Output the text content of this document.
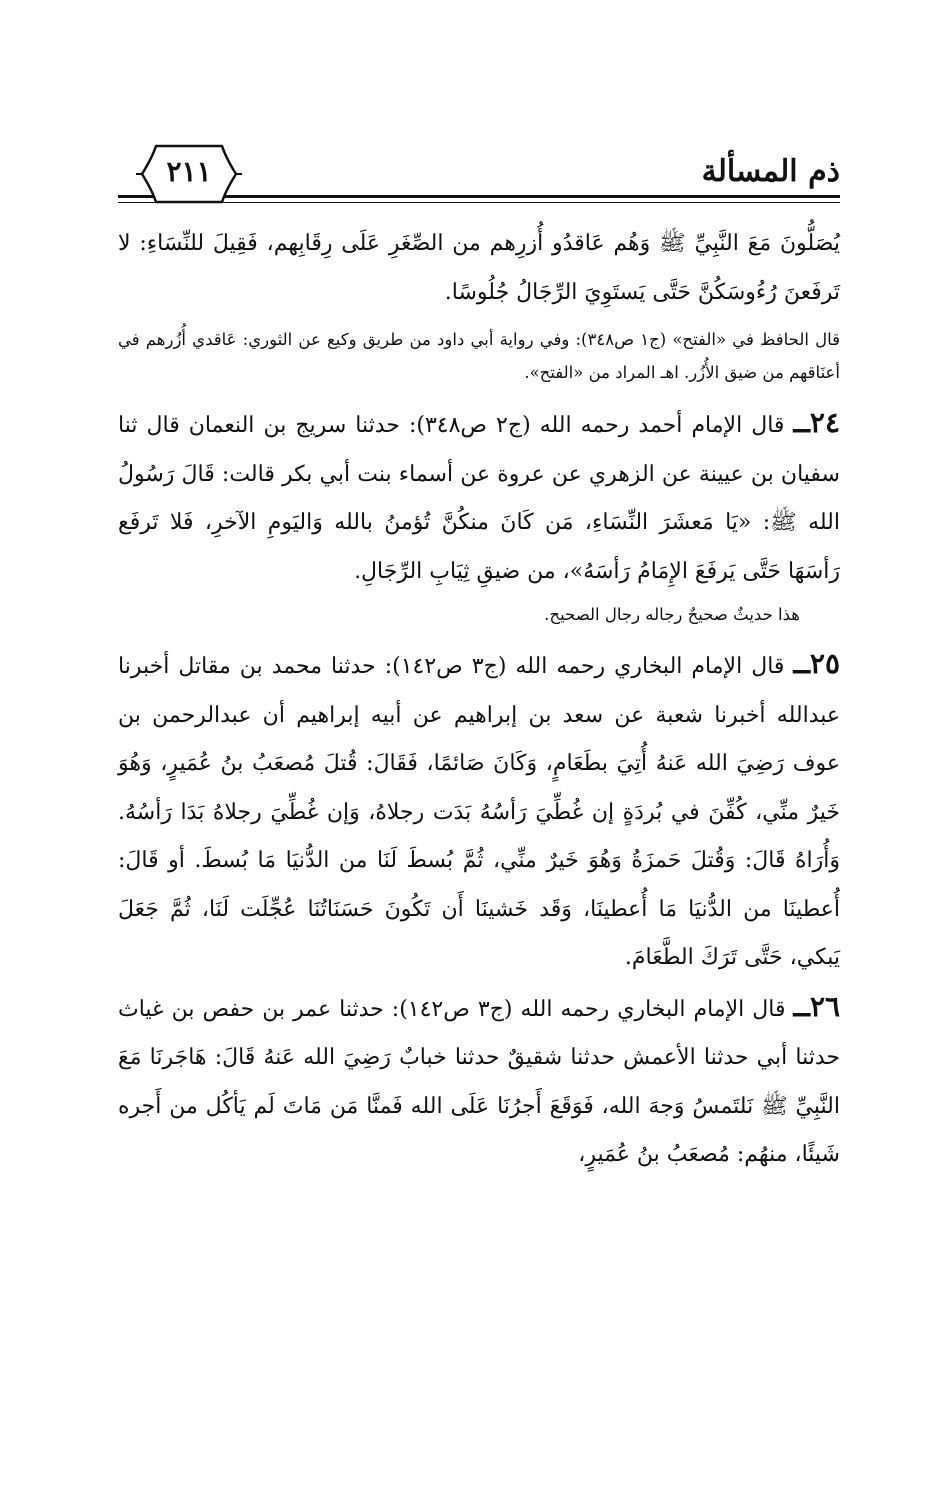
ذم المسألة
٢١١

يُصَلُّونَ مَعَ النَّبِيِّ ﷺ وَهُم عَاقدُو أُزرِهم من الصِّغَرِ عَلَى رِقَابِهم، فَقِيلَ للنِّسَاءِ: لا تَرفَعنَ رُءُوسَكُنَّ حَتَّى يَستَوِيَ الرِّجَالُ جُلُوسًا.

قال الحافظ في «الفتح» (ج١ ص٣٤٨): وفي رواية أبي داود من طريق وكيع عن الثوري: عَاقدي أُزُرهم في أعنَاقهم من ضيق الأُزُر. اهـ المراد من «الفتح».

٢٤ــ قال الإمام أحمد رحمه الله (ج٢ ص٣٤٨): حدثنا سريج بن النعمان قال ثنا سفيان بن عيينة عن الزهري عن عروة عن أسماء بنت أبي بكر قالت: قَالَ رَسُولُ الله ﷺ: «يَا مَعشَرَ النِّسَاءِ، مَن كَانَ منكُنَّ تُؤمنُ بالله وَاليَومِ الآخرِ، فَلا تَرفَع رَأسَهَا حَتَّى يَرفَعَ الإِمَامُ رَأسَهُ»، من ضيقِ ثِيَابِ الرِّجَالِ.

هذا حديثٌ صحيحٌ رجاله رجال الصحيح.

٢٥ــ قال الإمام البخاري رحمه الله (ج٣ ص١٤٢): حدثنا محمد بن مقاتل أخبرنا عبدالله أخبرنا شعبة عن سعد بن إبراهيم عن أبيه إبراهيم أن عبدالرحمن بن عوف رَضِيَ الله عَنهُ أُتِيَ بطَعَامٍ، وَكَانَ صَائمًا، فَقَالَ: قُتلَ مُصعَبُ بنُ عُمَيرٍ، وَهُوَ خَيرٌ منِّي، كُفِّنَ في بُردَةٍ إن غُطِّيَ رَأسُهُ بَدَت رجلاهُ، وَإن غُطِّيَ رجلاهُ بَدَا رَأسُهُ. وَأُرَاهُ قَالَ: وَقُتلَ حَمزَةُ وَهُوَ خَيرٌ منِّي، ثُمَّ بُسطَ لَنَا من الدُّنيَا مَا بُسطَ. أو قَالَ: أُعطينَا من الدُّنيَا مَا أُعطينَا، وَقَد خَشينَا أَن تَكُونَ حَسَنَاتُنَا عُجِّلَت لَنَا، ثُمَّ جَعَلَ يَبكي، حَتَّى تَرَكَ الطَّعَامَ.

٢٦ــ قال الإمام البخاري رحمه الله (ج٣ ص١٤٢): حدثنا عمر بن حفص بن غياث حدثنا أبي حدثنا الأعمش حدثنا شقيقٌ حدثنا خبابٌ رَضِيَ الله عَنهُ قَالَ: هَاجَرنَا مَعَ النَّبِيِّ ﷺ نَلتَمسُ وَجهَ الله، فَوَقَعَ أَجرُنَا عَلَى الله فَمنَّا مَن مَاتَ لَم يَأكُل من أَجره شَيئًا، منهُم: مُصعَبُ بنُ عُمَيرٍ،
